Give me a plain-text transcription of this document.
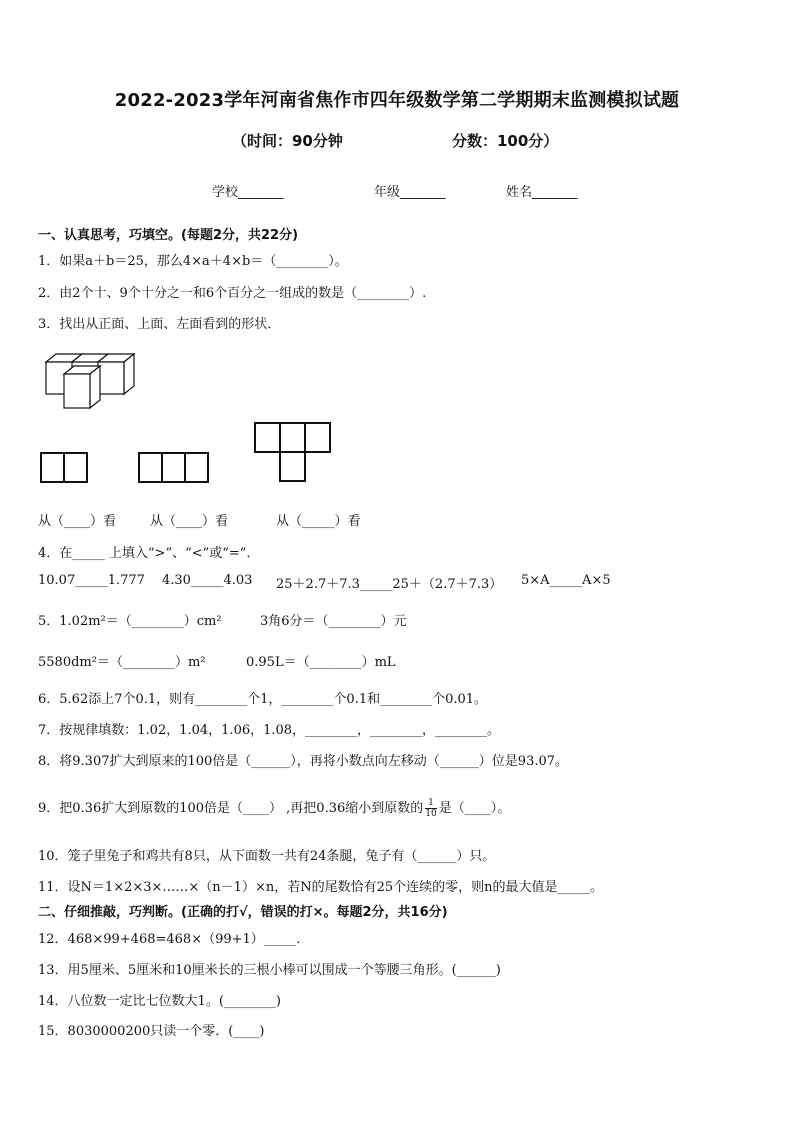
2022-2023学年河南省焦作市四年级数学第二学期期末监测模拟试题
（时间：90分钟	分数：100分）
学校_______	年级_______	姓名_______
一、认真思考，巧填空。(每题2分，共22分)
1．如果a＋b＝25，那么4×a＋4×b＝（________）。
2．由2个十、9个十分之一和6个百分之一组成的数是（________）.
3．找出从正面、上面、左面看到的形状．
从（____）看	从（____）看	从（_____）看
4．在_____ 上填入“>”、“<”或“=”．
10.07_____1.777 4.30_____4.03 25＋2.7＋7.3_____25＋（2.7＋7.3） 5×A_____A×5
5．1.02m²＝（________）cm²	3角6分＝（________）元
5580dm²＝（________）m²	0.95L＝（________）mL
6．5.62添上7个0.1，则有________个1，________个0.1和________个0.01。
7．按规律填数：1.02，1.04，1.06，1.08，________，________，________。
8．将9.307扩大到原来的100倍是（______），再将小数点向左移动（______）位是93.07。
9．把0.36扩大到原数的100倍是（____） ,再把0.36缩小到原数的 $\frac{1}{10}$ 是（____）。
10．笼子里兔子和鸡共有8只，从下面数一共有24条腿，兔子有（______）只。
11．设N＝1×2×3×……×（n－1）×n，若N的尾数恰有25个连续的零，则n的最大值是_____。
二、仔细推敲，巧判断。(正确的打√，错误的打×。每题2分，共16分)
12．468×99+468=468×（99+1）_____．
13．用5厘米、5厘米和10厘米长的三根小棒可以围成一个等腰三角形。(______)
14．八位数一定比七位数大1。(________)
15．8030000200只读一个零．(____)
